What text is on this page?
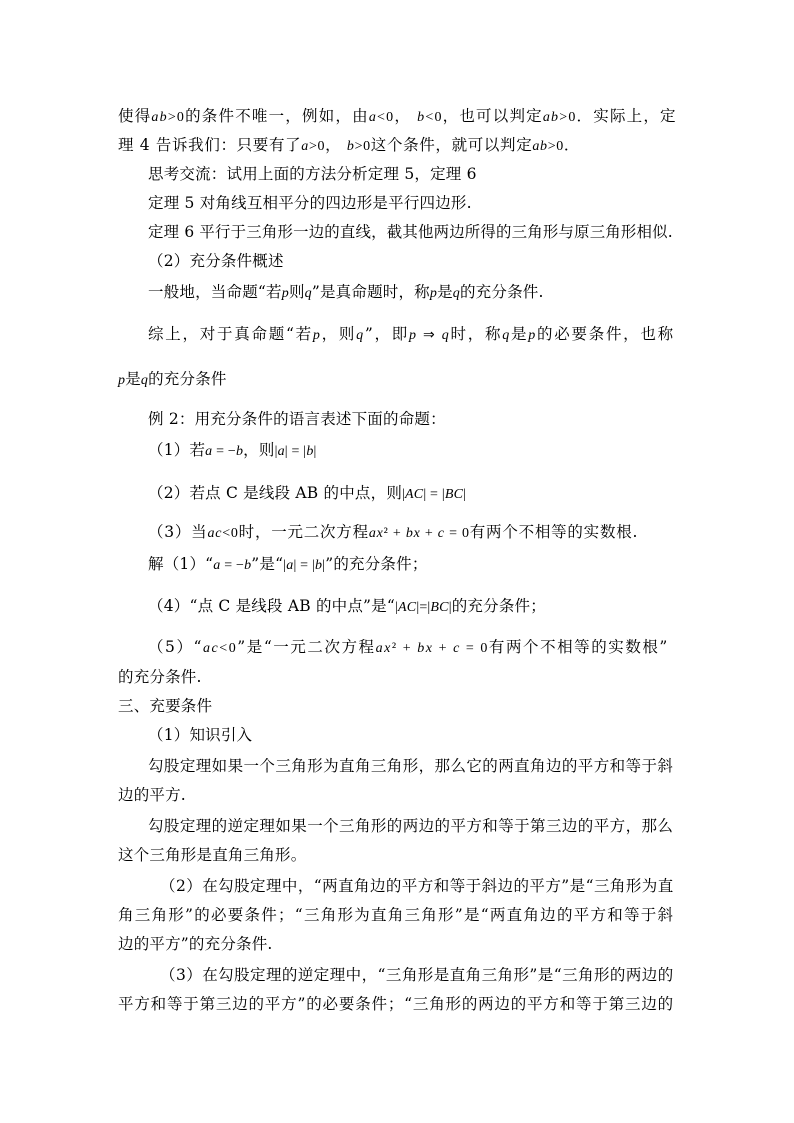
使得ab>0的条件不唯一，例如，由a<0， b<0，也可以判定ab>0．实际上，定
理 4 告诉我们：只要有了a>0， b>0这个条件，就可以判定ab>0．
思考交流：试用上面的方法分析定理 5，定理 6
定理 5 对角线互相平分的四边形是平行四边形.
定理 6 平行于三角形一边的直线，截其他两边所得的三角形与原三角形相似.
（2）充分条件概述
一般地，当命题“若p则q”是真命题时，称p是q的充分条件.
综上，对于真命题“若p，则q”，即p ⇒ q时，称q是p的必要条件，也称
p是q的充分条件
例 2：用充分条件的语言表述下面的命题：
（1）若a = −b，则|a| = |b|
（2）若点 C 是线段 AB 的中点，则|AC| = |BC|
（3）当ac<0时，一元二次方程ax² + bx + c = 0有两个不相等的实数根.
解（1）“a = −b”是“|a| = |b|”的充分条件；
（4）“点 C 是线段 AB 的中点”是“|AC|=|BC|的充分条件；
（5）“ac<0”是“一元二次方程ax² + bx + c = 0有两个不相等的实数根”
的充分条件.
三、充要条件
（1）知识引入
勾股定理如果一个三角形为直角三角形，那么它的两直角边的平方和等于斜
边的平方.
勾股定理的逆定理如果一个三角形的两边的平方和等于第三边的平方，那么
这个三角形是直角三角形。
（2）在勾股定理中，“两直角边的平方和等于斜边的平方”是“三角形为直
角三角形”的必要条件；“三角形为直角三角形”是“两直角边的平方和等于斜
边的平方”的充分条件.
（3）在勾股定理的逆定理中，“三角形是直角三角形”是“三角形的两边的
平方和等于第三边的平方”的必要条件；“三角形的两边的平方和等于第三边的
